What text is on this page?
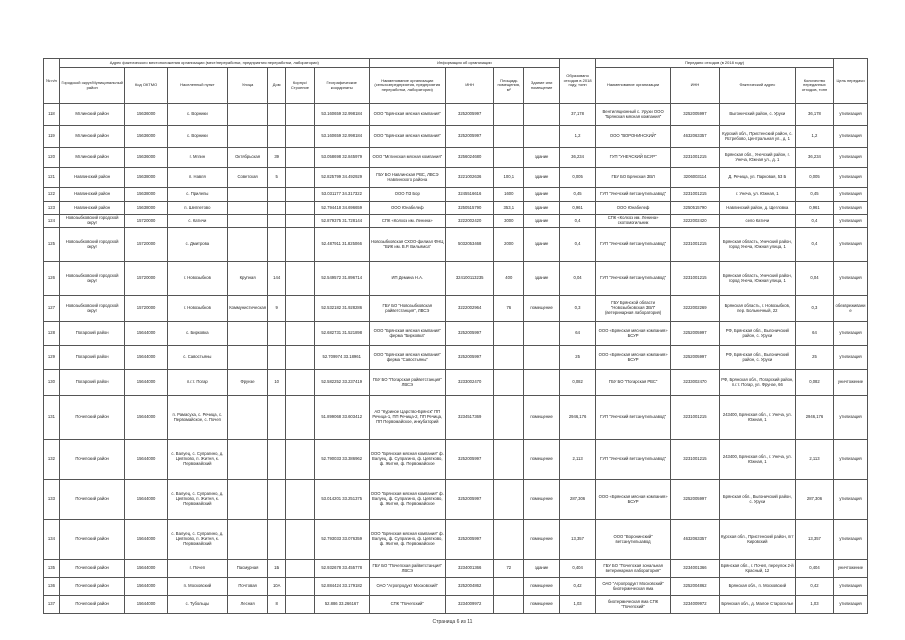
№ п/п	Адрес фактического местоположения организации (мест/переработки, предприятия переработки, лаборатории)							Информация об организации				Образовано отходов в 2018 году, тонн	Передано отходов (в 2018 году)				Цель передачи
	Городской округ/Муниципальный район	Код ОКТМО	Населенный пункт	Улица	Дом	Корпус/Строение	Географические координаты	Наименование организации (сельхозпредприятия, предприятия переработки, лаборатории)	ИНН	Площадь помещения, м²	Здание или помещение		Наименование организации	ИНН	Фактический адрес	Количество переданных отходов, тонн	
118	Мглинский район	15636000	с. Ворники				53.160659 32.998184	ООО "Брянская мясная компания"	3252005997			37,178	Вентиляционный с. Урухи ООО "Брянская мясная компания"	3252005997	Выгоничский район, с. Урухи	36,178	утилизация
119	Мглинский район	15636000	с. Ворники				53.160659 32.998184	ООО "Брянская мясная компания"	3252005997			1,2	ООО "ВОРОНИНСКИЙ"	4632063357	Курский обл., Пристенский район, с. Ястребово, Центральная ул., д. 1	1,2	утилизация
120	Мглинский район	15636000	г. Мглин	Октябрьская	39		53.058698 32.845979	ООО "Мглинская мясная компания"	3256024680		здание	36,234	ГУП "УНЕЧСКИЙ БСУР"	3231001215	Брянская обл., Унечский район, г. Унеча, Южная ул., д. 1	36,234	утилизация
121	Навлинский район	15638000	п. Навля	Советская	5		52.825799 34.492929	ГБУ БО Навлинская РВС, ЛВСЭ Навлинского района	3221002636	100,1	здание	0,005	ГБУ БО Брянская ЗВЛ	3206003114	Д. Речица, ул. Парковая, 53 Б	0,005	утилизация
122	Навлинский район	15638000	с. Прилепы				53.031177 34.317322	ООО ПЗ Бор	3245516616	1600	здание	0,45	ГУП "Унечский ветсанутильзавод"	3231001215	г. Унеча, ул. Южная, 1	0,45	утилизация
123	Навлинский район	15638000	п. Шеппетово				52.794418 34.696659	ООО Юнабелеф	3250515790	353,1	здание	0,961	ООО Юнабелеф	3250515790	Навлинский район, д. Щегловка	0,961	утилизация
124	Новозыбковский городской округ	15720000	с. Катичи				52.879375 31.728144	СПК «Колхоз им. Ленина»	3222002420	3000	здание	0,4	СПК «Колхоз им. Ленина» скотомогильник	3222002420	село Катичи	0,4	утилизация
125	Новозыбковский городской округ	15720000	с. Дмитрова				52.487911 31.825066	Новозыбковская СХОО-филиал ФНЦ "ВИК им. В.Р. Вильямса"	5032053468	2000	здание	0,4	ГУП "Унечский ветсанутильзавод"	3231001215	Брянская область, Унечский район, город Унеча, Южная улица, 1	0,4	утилизация
126	Новозыбковский городской округ	15720000	г. Новозыбков	Крупная	144		52.549572 31.896714	ИП Демина Н.А.	324100113235	400	здание	0,04	ГУП "Унечский ветсанутильзавод"	3231001215	Брянская область, Унечский район, город Унеча, Южная улица, 1	0,04	утилизация
127	Новозыбковский городской округ	15720000	г. Новозыбков	Коммунистическая	9		52.532182 31.928286	ГБУ БО "Новозыбковская райветстанция", ЛВСЭ	3222002964	76	помещение	0,3	ГБУ Брянской области "Новозыбковская ЗВЛ" (ветеринарная лаборатория)	3222002269	Брянская область, г. Новозыбков, пер. Больничный, 22	0,3	обезвреживание
128	Погарский район	15644000	с. Бирковка				52.682731 31.521898	ООО "Брянская мясная компания" ферма "Бирковка"	3252005997			64	ООО «Брянская мясная компания» БСУР	3252005997	РФ, Брянская обл., Выгоничский район, с. Урухи	64	утилизация
129	Погарский район	15644000	с. Савостьяны				52.709974 33.18961	ООО "Брянская мясная компания" ферма "Савостьяны"	3252005997			25	ООО «Брянская мясная компания» БСУР	3252005997	РФ, Брянская обл., Выгоничский район, с. Урухи	25	утилизация
130	Погарский район	15644000	п.г.т. Погар	Фрунзе	10		52.582252 33.237419	ГБУ БО "Погарская райветстанция" ЛВСЭ	3233002470			0,082	ГБУ БО "Погарская РВС"	3233002470	РФ, Брянская обл., Погарский район, п.г.т. Погар, ул. Фрунзе, 66	0,082	уничтожение
131	Почепский район	15644000	п. Рамасуха, с. Речица, с. Первомайское, с. Почеп				51.899068 33.603412	АО "Куриное Царство-Брянск" ПП Речица-1, ПП Речица-2, ПП Речица, ПП Первомайское, инкубаторий	3234517369		помещение	2946,176	ГУП "Унечский ветсанутильзавод"	3231001215	243400, Брянская обл., г. Унеча, ул. Южная, 1	2946,176	утилизация
132	Почепский район	15644000	с. Валуец, с. Супрагино, д. Цевтково, п. Житня, к. Первомайский				52.790033 33.386962	ООО "Брянская мясная компания" ф. Валуец, ф. Супрагино, ф. Цевтково, ф. Житня, ф. Первомайское	3252005997		помещение	2,113	ГУП "Унечский ветсанутильзавод"	3231001215	243400, Брянская обл., г. Унеча, ул. Южная, 1	2,113	утилизация
133	Почепский район	15644000	с. Валуец, с. Супрагино, д. Цевтково, п. Житня, к. Первомайский				53.014201 33.251375	ООО "Брянская мясная компания" ф. Валуец, ф. Супрагино, ф. Цевтково, ф. Житня, ф. Первомайское	3252005997		помещение	287,306	ООО «Брянская мясная компания» БСУР	3252005997	Брянская обл., Выгоничский район, с. Урухи	287,306	утилизация
134	Почепский район	15644000	с. Валуец, с. Супрагино, д. Цевтково, п. Житня, к. Первомайский				52.793033 33.076359	ООО "Брянская мясная компания" ф. Валуец, ф. Супрагино, ф. Цевтково, ф. Житня, ф. Первомайское	3252005997		помещение	13,357	ООО "Воронинский" ветсанутильзавод	4632063357	Курская обл., Пристенский район, пгт Кировский	13,357	утилизация
135	Почепский район	15644000	г. Почеп	Пасмурная	1Б		52.932678 33.455778	ГБУ БО "Почепская райветстанция" ЛВСЭ	3234001366	72	здание	0,404	ГБУ БО "Почепская зональная ветеринарная лаборатория"	3234001366	Брянская обл., г. Почеп, переулок 2-й Красный, 12	0,404	уничтожение
136	Почепский район	15644000	п. Московский	Почтовая	10А		52.884424 33.179182	ОАО "Агропродукт Московский"	3252004862		помещение	0,42	ОАО "Агропродукт Московский" биотермическая яма	3252004862	Брянская обл., п. Московский	0,42	утилизация
137	Почепский район	15644000	с. Тубольцы	Лесная	8		52.886 33.266167	СПК "Почепский"	3234009972		помещение	1,03	биотермическая яма СПК "Почепский"	3234009972	Брянская обл., д. Малое Староселье	1,03	утилизация
Страница 6 из 11
